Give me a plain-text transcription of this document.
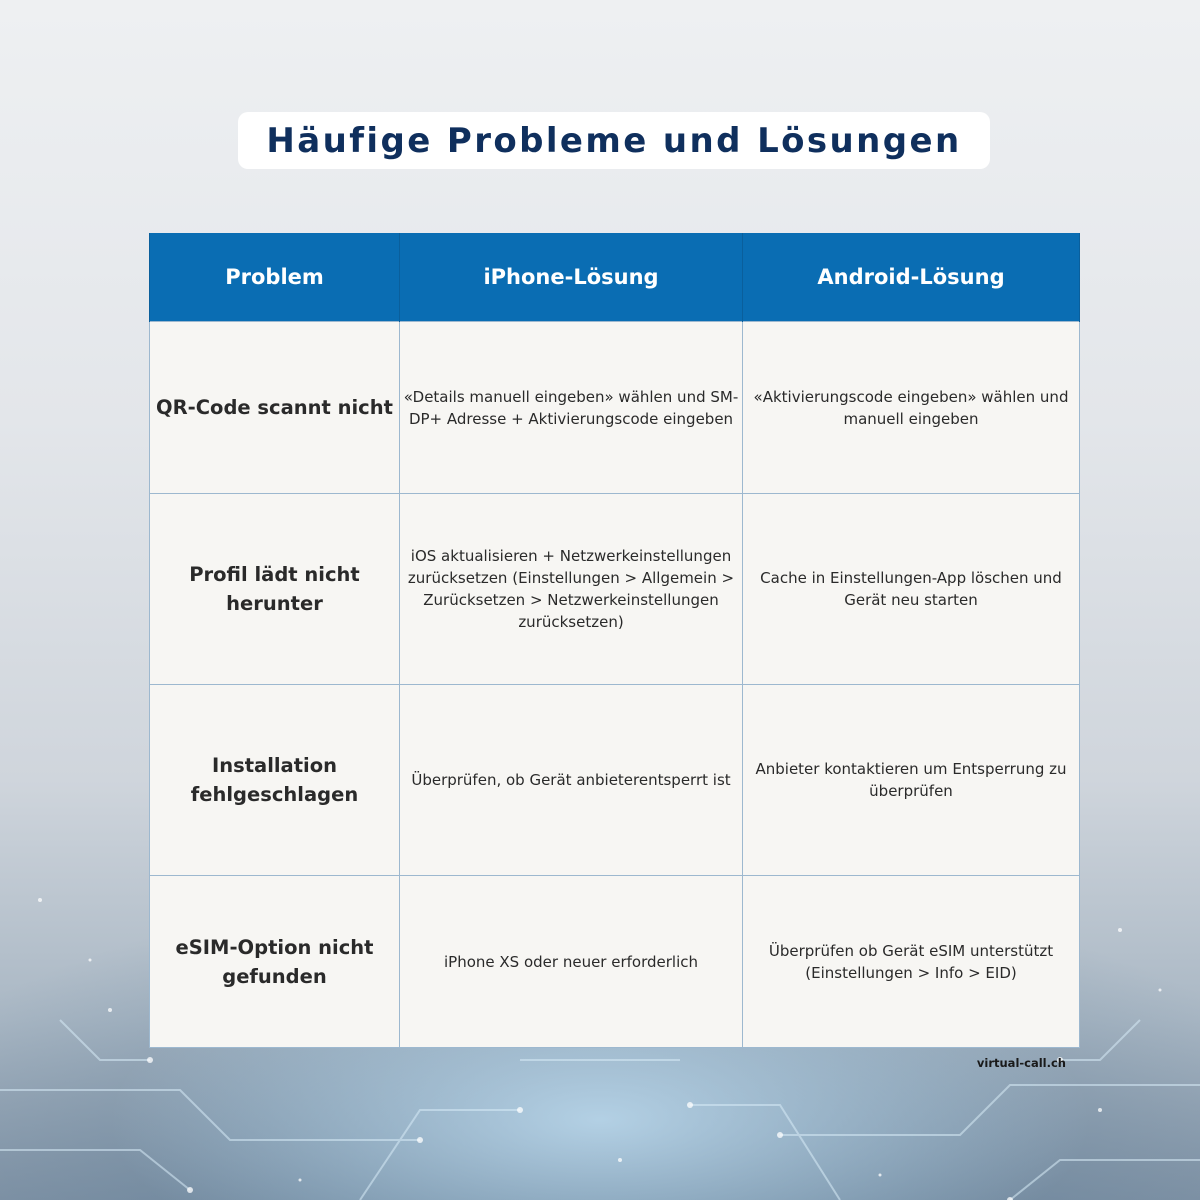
Häufige Probleme und Lösungen
Problem	iPhone-Lösung	Android-Lösung
QR-Code scannt nicht	«Details manuell eingeben» wählen und SM-DP+ Adresse + Aktivierungscode eingeben	«Aktivierungscode eingeben» wählen und manuell eingeben
Profil lädt nicht herunter	iOS aktualisieren + Netzwerkeinstellungen zurücksetzen (Einstellungen > Allgemein > Zurücksetzen > Netzwerkeinstellungen zurücksetzen)	Cache in Einstellungen-App löschen und Gerät neu starten
Installation fehlgeschlagen	Überprüfen, ob Gerät anbieterentsperrt ist	Anbieter kontaktieren um Entsperrung zu überprüfen
eSIM-Option nicht gefunden	iPhone XS oder neuer erforderlich	Überprüfen ob Gerät eSIM unterstützt (Einstellungen > Info > EID)
virtual-call.ch
